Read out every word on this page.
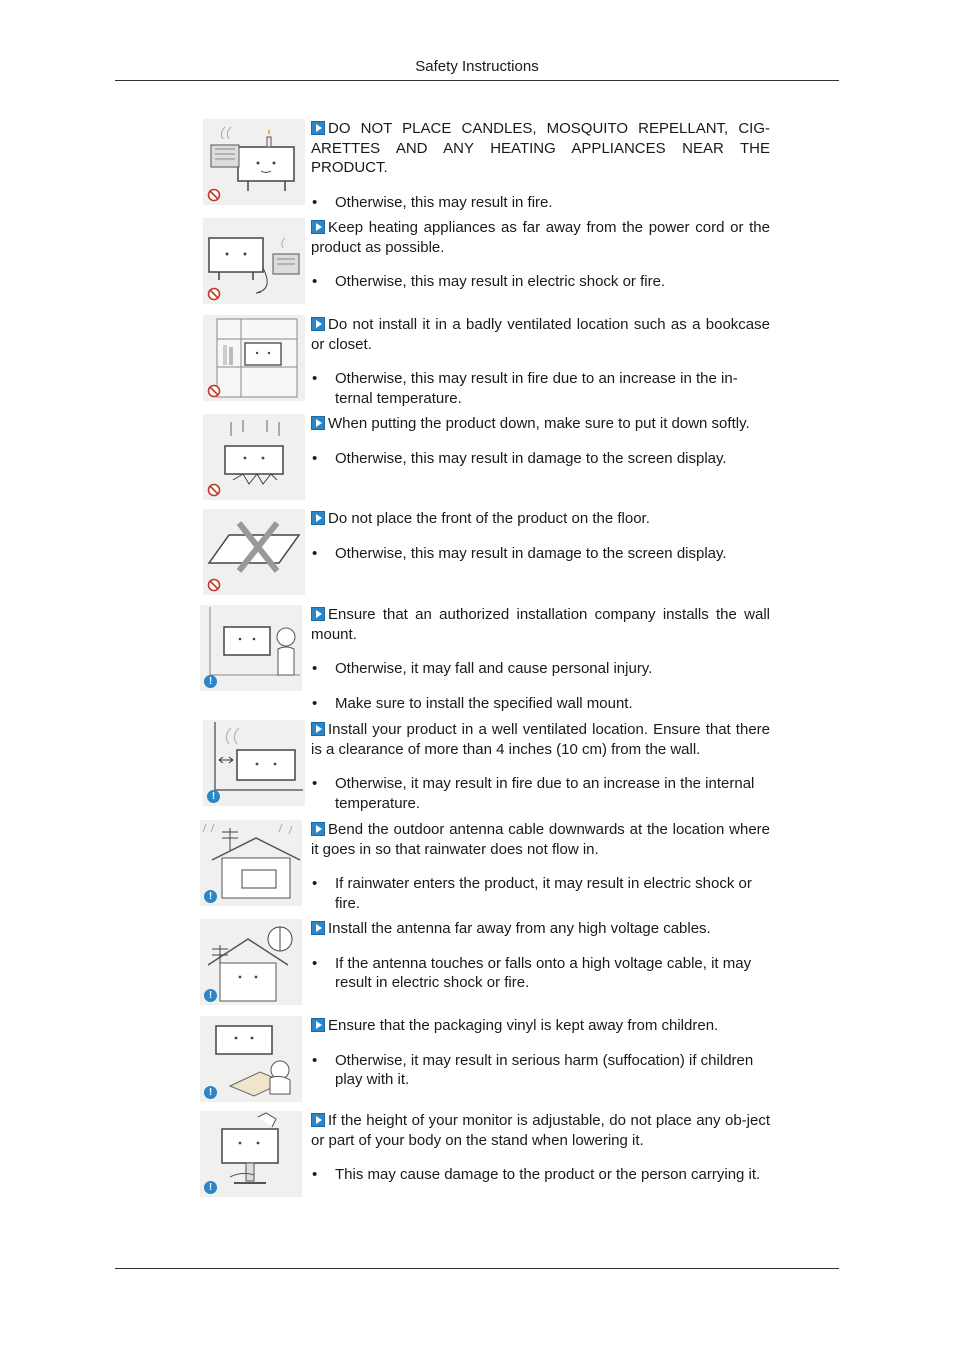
Safety Instructions

DO NOT PLACE CANDLES, MOSQUITO REPELLANT, CIG-ARETTES AND ANY HEATING APPLIANCES NEAR THE PRODUCT.

• Otherwise, this may result in fire.

Keep heating appliances as far away from the power cord or the product as possible.

• Otherwise, this may result in electric shock or fire.

Do not install it in a badly ventilated location such as a bookcase or closet.

• Otherwise, this may result in fire due to an increase in the in-ternal temperature.

When putting the product down, make sure to put it down softly.

• Otherwise, this may result in damage to the screen display.

Do not place the front of the product on the floor.

• Otherwise, this may result in damage to the screen display.
!

Ensure that an authorized installation company installs the wall mount.

• Otherwise, it may fall and cause personal injury.
• Make sure to install the specified wall mount.
!

Install your product in a well ventilated location. Ensure that there is a clearance of more than 4 inches (10 cm) from the wall.

• Otherwise, it may result in fire due to an increase in the internal temperature.
!

Bend the outdoor antenna cable downwards at the location where it goes in so that rainwater does not flow in.

• If rainwater enters the product, it may result in electric shock or fire.
!

Install the antenna far away from any high voltage cables.

• If the antenna touches or falls onto a high voltage cable, it may result in electric shock or fire.
!

Ensure that the packaging vinyl is kept away from children.

• Otherwise, it may result in serious harm (suffocation) if children play with it.
!

If the height of your monitor is adjustable, do not place any ob-ject or part of your body on the stand when lowering it.

• This may cause damage to the product or the person carrying it.
